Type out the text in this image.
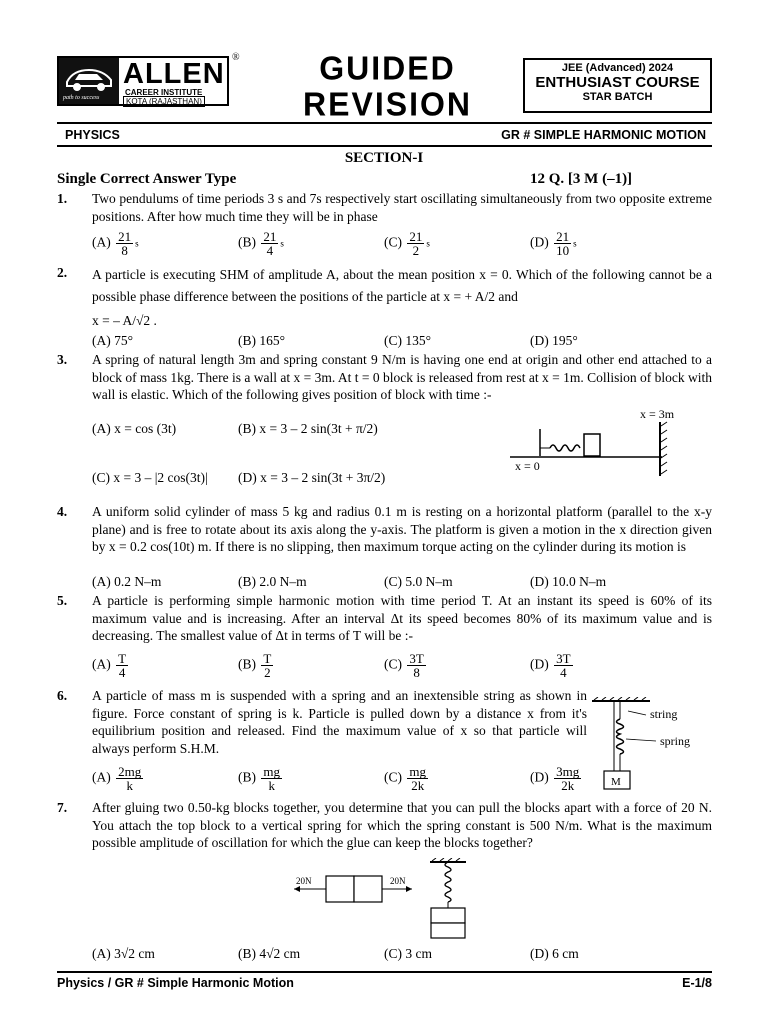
path to success
ALLEN
CAREER INSTITUTE
KOTA (RAJASTHAN)
®	GUIDED
REVISION
JEE (Advanced) 2024
ENTHUSIAST COURSE
STAR BATCH
PHYSICS	GR # SIMPLE HARMONIC MOTION
SECTION-I
Single Correct Answer Type	12 Q. [3 M (–1)]
1. Two pendulums of time periods 3 s and 7s respectively start oscillating simultaneously from two opposite extreme positions. After how much time they will be in phase
$(A) \frac{21}{8}$ s	$(B) \frac{21}{4}$ s	$(C) \frac{21}{2}$ s	$(D) \frac{21}{10}$ s
2. A particle is executing SHM of amplitude A, about the mean position x = 0. Which of the following cannot be a possible phase difference between the positions of the particle at x = + A/2 and
x = – A/√2 .
(A) 75°	(B) 165°	(C) 135°	(D) 195°
3. A spring of natural length 3m and spring constant 9 N/m is having one end at origin and other end attached to a block of mass 1kg. There is a wall at x = 3m. At t = 0 block is released from rest at x = 1m. Collision of block with wall is elastic. Which of the following gives position of block with time :-
(A) x = cos (3t)	(B) x = 3 – 2 sin(3t + π/2)
(C) x = 3 – |2 cos(3t)| (D) x = 3 – 2 sin(3t + 3π/2)
x = 3m
x = 0
4. A uniform solid cylinder of mass 5 kg and radius 0.1 m is resting on a horizontal platform (parallel to the x-y plane) and is free to rotate about its axis along the y-axis. The platform is given a motion in the x direction given by x = 0.2 cos(10t) m. If there is no slipping, then maximum torque acting on the cylinder during its motion is
(A) 0.2 N–m	(B) 2.0 N–m	(C) 5.0 N–m	(D) 10.0 N–m
5. A particle is performing simple harmonic motion with time period T. At an instant its speed is 60% of its maximum value and is increasing. After an interval Δt its speed becomes 80% of its maximum value and is decreasing. The smallest value of Δt in terms of T will be :-
$(A) \frac{T}{4}$	$(B) \frac{T}{2}$	$(C) \frac{3T}{8}$	$(D) \frac{3T}{4}$
6. A particle of mass m is suspended with a spring and an inextensible string as shown in figure. Force constant of spring is k. Particle is pulled down by a distance x from it's equilibrium position and released. Find the maximum value of x so that particle will always perform S.H.M.
M
string
spring
$(A) \frac{2mg}{k}$	$(B) \frac{mg}{k}$	$(C) \frac{mg}{2k}$	$(D) \frac{3mg}{2k}$
7. After gluing two 0.50-kg blocks together, you determine that you can pull the blocks apart with a force of 20 N. You attach the top block to a vertical spring for which the spring constant is 500 N/m. What is the maximum possible amplitude of oscillation for which the glue can keep the blocks together?
20N	20N
(A) 3√2 cm	(B) 4√2 cm	(C) 3 cm	(D) 6 cm
Physics / GR # Simple Harmonic Motion	E-1/8
